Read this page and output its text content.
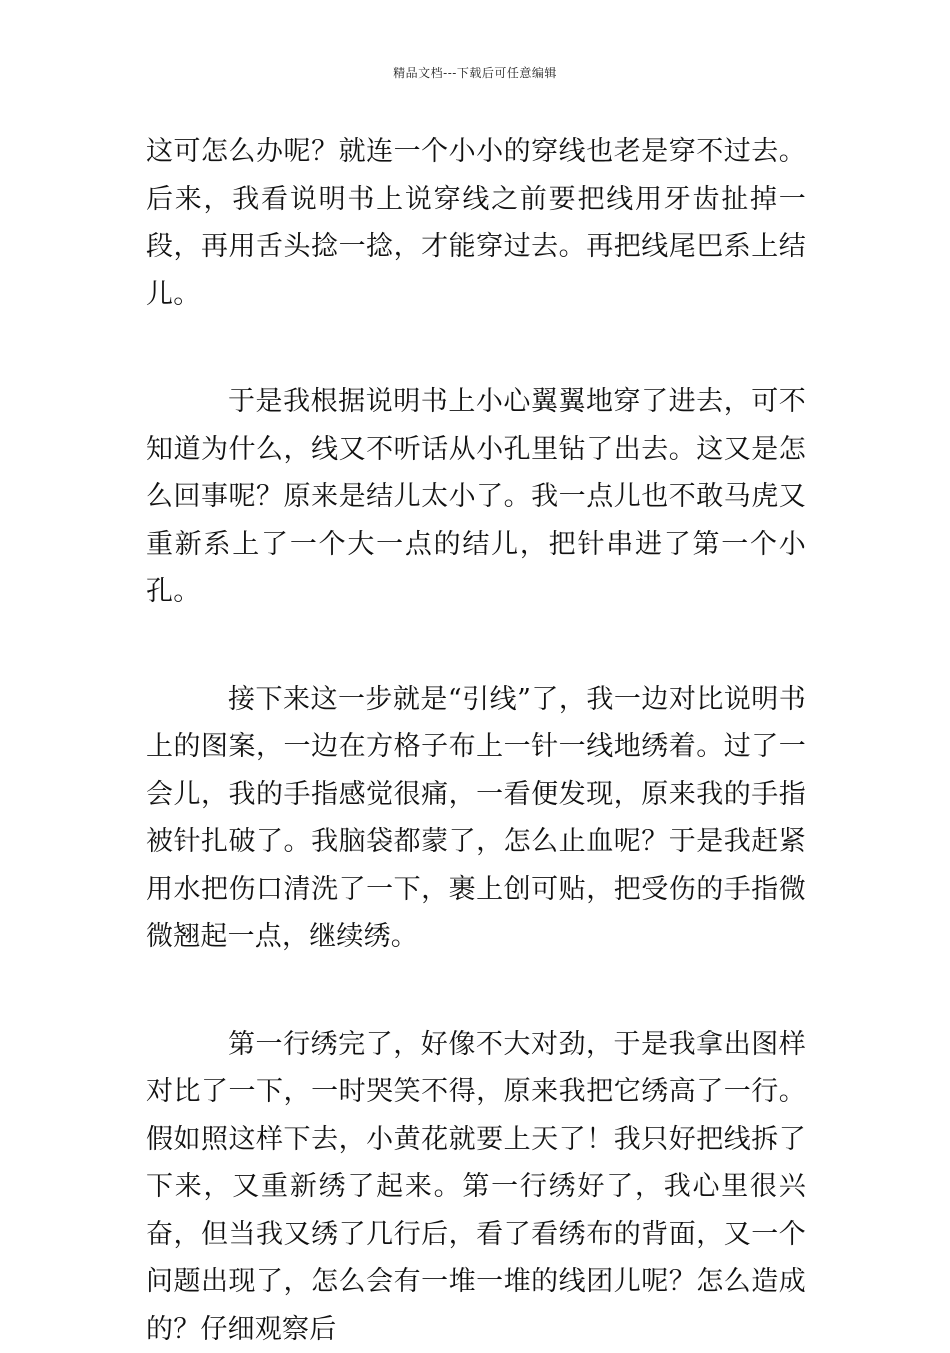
精品文档---下载后可任意编辑

这可怎么办呢？就连一个小小的穿线也老是穿不过去。后来，我看说明书上说穿线之前要把线用牙齿扯掉一段，再用舌头捻一捻，才能穿过去。再把线尾巴系上结儿。

于是我根据说明书上小心翼翼地穿了进去，可不知道为什么，线又不听话从小孔里钻了出去。这又是怎么回事呢？原来是结儿太小了。我一点儿也不敢马虎又重新系上了一个大一点的结儿，把针串进了第一个小孔。

接下来这一步就是“引线”了，我一边对比说明书上的图案，一边在方格子布上一针一线地绣着。过了一会儿，我的手指感觉很痛，一看便发现，原来我的手指被针扎破了。我脑袋都蒙了，怎么止血呢？于是我赶紧用水把伤口清洗了一下，裹上创可贴，把受伤的手指微微翘起一点，继续绣。

第一行绣完了，好像不大对劲，于是我拿出图样对比了一下，一时哭笑不得，原来我把它绣高了一行。假如照这样下去，小黄花就要上天了！我只好把线拆了下来，又重新绣了起来。第一行绣好了，我心里很兴奋，但当我又绣了几行后，看了看绣布的背面，又一个问题出现了，怎么会有一堆一堆的线团儿呢？怎么造成的？仔细观察后
